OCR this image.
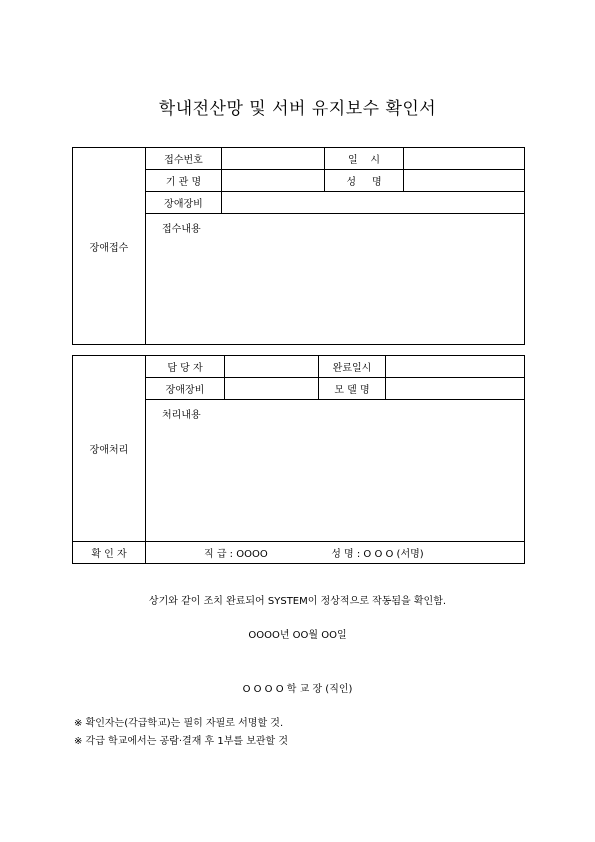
학내전산망 및 서버 유지보수 확인서
장애접수	접수번호		일    시	
	기 관 명		성     명	
	장애장비			
	접수내용			
장애처리	담 당 자		완료일시	
	장애장비		모 델 명	
	처리내용			
확 인 자	직 급 : OOOO 성 명 : O O O (서명)			
상기와 같이 조치 완료되어 SYSTEM이 정상적으로 작동됨을 확인함.
OOOO년 OO월 OO일
O O O O 학 교 장 (직인)
※ 확인자는(각급학교)는 필히 자필로 서명할 것.
※ 각급 학교에서는 공람·결재 후 1부를 보관할 것
